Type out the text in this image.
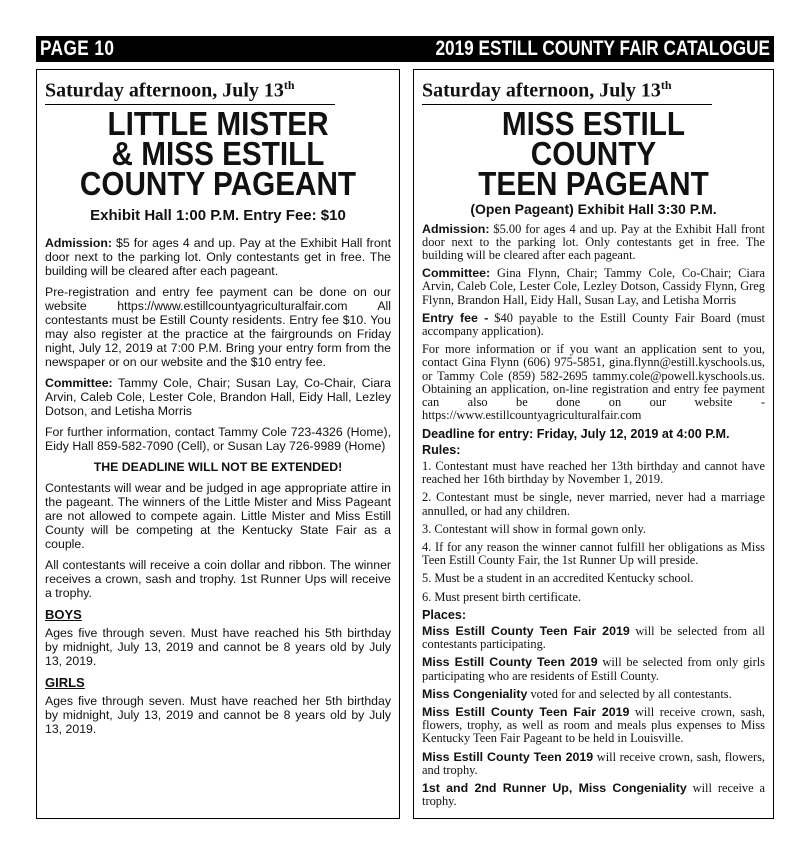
PAGE 10	2019 ESTILL COUNTY FAIR CATALOGUE
Saturday afternoon, July 13th
LITTLE MISTER
& MISS ESTILL
COUNTY PAGEANT
Exhibit Hall 1:00 P.M. Entry Fee: $10

Admission: $5 for ages 4 and up. Pay at the Exhibit Hall front door next to the parking lot. Only contestants get in free. The building will be cleared after each pageant.

Pre-registration and entry fee payment can be done on our website https://www.estillcountyagriculturalfair.com All contestants must be Estill County residents. Entry fee $10. You may also register at the practice at the fairgrounds on Friday night, July 12, 2019 at 7:00 P.M. Bring your entry form from the newspaper or on our website and the $10 entry fee.

Committee: Tammy Cole, Chair; Susan Lay, Co-Chair, Ciara Arvin, Caleb Cole, Lester Cole, Brandon Hall, Eidy Hall, Lezley Dotson, and Letisha Morris

For further information, contact Tammy Cole 723-4326 (Home), Eidy Hall 859-582-7090 (Cell), or Susan Lay 726-9989 (Home)

THE DEADLINE WILL NOT BE EXTENDED!

Contestants will wear and be judged in age appropriate attire in the pageant. The winners of the Little Mister and Miss Pageant are not allowed to compete again. Little Mister and Miss Estill County will be competing at the Kentucky State Fair as a couple.

All contestants will receive a coin dollar and ribbon. The winner receives a crown, sash and trophy. 1st Runner Ups will receive a trophy.

BOYS

Ages five through seven. Must have reached his 5th birthday by midnight, July 13, 2019 and cannot be 8 years old by July 13, 2019.

GIRLS

Ages five through seven. Must have reached her 5th birthday by midnight, July 13, 2019 and cannot be 8 years old by July 13, 2019.

Saturday afternoon, July 13th
MISS ESTILL COUNTY
TEEN PAGEANT
(Open Pageant) Exhibit Hall 3:30 P.M.

Admission: $5.00 for ages 4 and up. Pay at the Exhibit Hall front door next to the parking lot. Only contestants get in free. The building will be cleared after each pageant.

Committee: Gina Flynn, Chair; Tammy Cole, Co-Chair; Ciara Arvin, Caleb Cole, Lester Cole, Lezley Dotson, Cassidy Flynn, Greg Flynn, Brandon Hall, Eidy Hall, Susan Lay, and Letisha Morris

Entry fee - $40 payable to the Estill County Fair Board (must accompany application).

For more information or if you want an application sent to you, contact Gina Flynn (606) 975-5851, gina.flynn@estill.kyschools.us, or Tammy Cole (859) 582-2695 tammy.cole@powell.kyschools.us. Obtaining an application, on-line registration and entry fee payment can also be done on our website - https://www.estillcountyagriculturalfair.com

Deadline for entry: Friday, July 12, 2019 at 4:00 P.M.

Rules:

1. Contestant must have reached her 13th birthday and cannot have reached her 16th birthday by November 1, 2019.

2. Contestant must be single, never married, never had a marriage annulled, or had any children.

3. Contestant will show in formal gown only.

4. If for any reason the winner cannot fulfill her obligations as Miss Teen Estill County Fair, the 1st Runner Up will preside.

5. Must be a student in an accredited Kentucky school.

6. Must present birth certificate.

Places:

Miss Estill County Teen Fair 2019 will be selected from all contestants participating.

Miss Estill County Teen 2019 will be selected from only girls participating who are residents of Estill County.

Miss Congeniality voted for and selected by all contestants.

Miss Estill County Teen Fair 2019 will receive crown, sash, flowers, trophy, as well as room and meals plus expenses to Miss Kentucky Teen Fair Pageant to be held in Louisville.

Miss Estill County Teen 2019 will receive crown, sash, flowers, and trophy.

1st and 2nd Runner Up, Miss Congeniality will receive a trophy.
